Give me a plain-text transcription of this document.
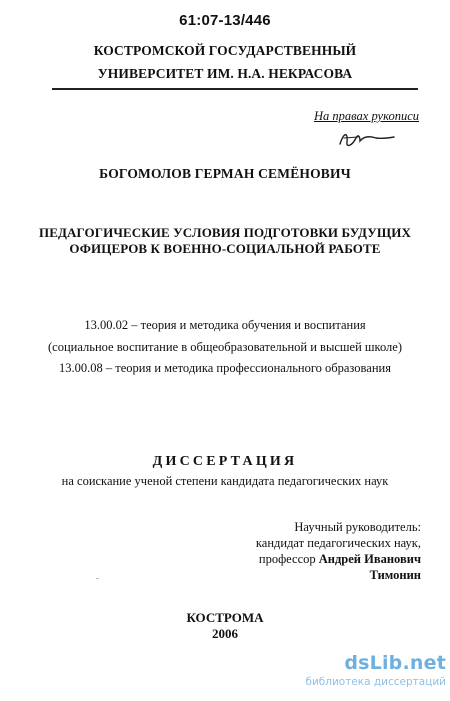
61:07-13/446
КОСТРОМСКОЙ ГОСУДАРСТВЕННЫЙ
УНИВЕРСИТЕТ ИМ. Н.А. НЕКРАСОВА
На правах рукописи
БОГОМОЛОВ ГЕРМАН СЕМЁНОВИЧ
ПЕДАГОГИЧЕСКИЕ УСЛОВИЯ ПОДГОТОВКИ БУДУЩИХ
ОФИЦЕРОВ К ВОЕННО-СОЦИАЛЬНОЙ РАБОТЕ
13.00.02 – теория и методика обучения и воспитания
(социальное воспитание в общеобразовательной и высшей школе)
13.00.08 – теория и методика профессионального образования
ДИССЕРТАЦИЯ
на соискание ученой степени кандидата педагогических наук
Научный руководитель:
кандидат педагогических наук,
профессор Андрей Иванович Тимонин
КОСТРОМА
2006
dsLib.net
библиотека диссертаций
